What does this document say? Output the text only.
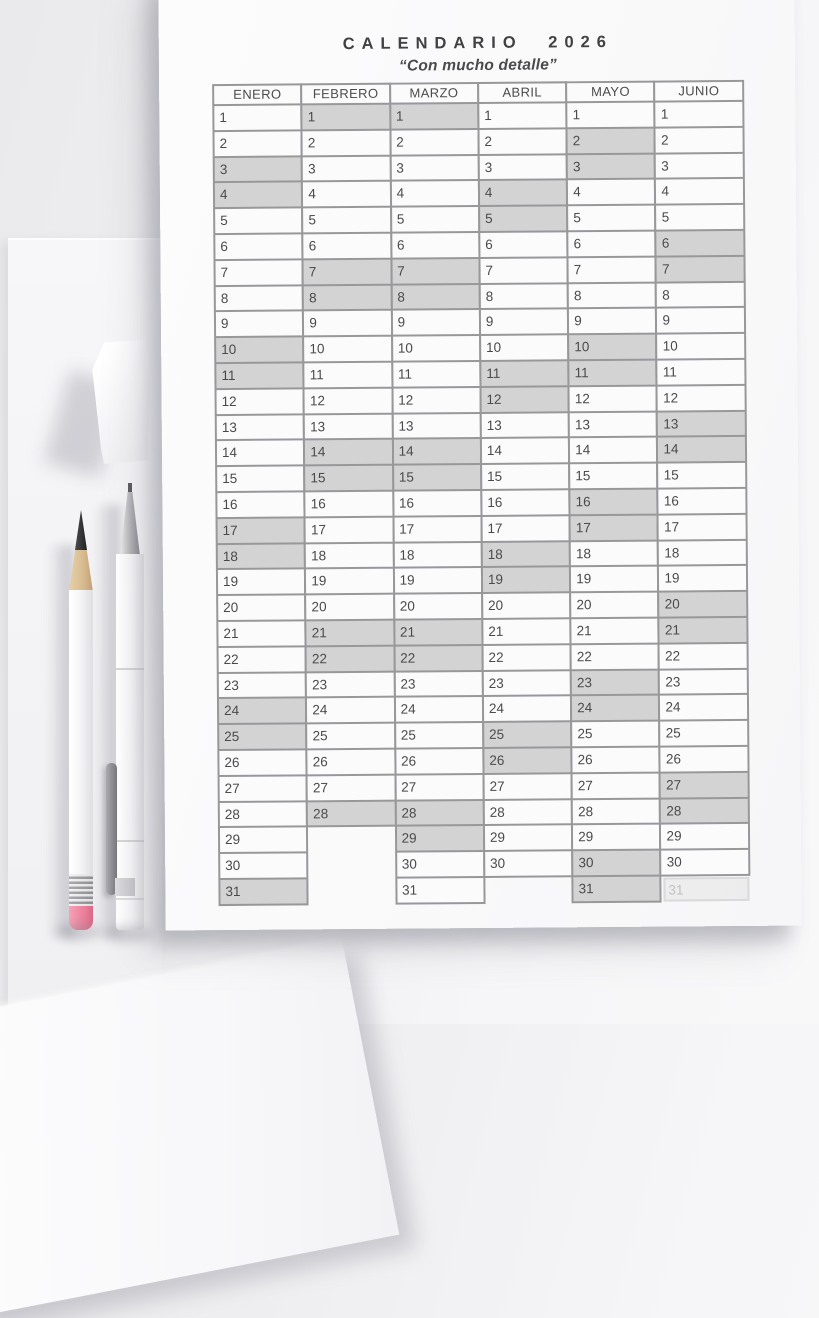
CALENDARIO 2026
“Con mucho detalle”
ENERO
1
2
3
4
5
6
7
8
9
10
11
12
13
14
15
16
17
18
19
20
21
22
23
24
25
26
27
28
29
30
31
FEBRERO
1
2
3
4
5
6
7
8
9
10
11
12
13
14
15
16
17
18
19
20
21
22
23
24
25
26
27
28
MARZO
1
2
3
4
5
6
7
8
9
10
11
12
13
14
15
16
17
18
19
20
21
22
23
24
25
26
27
28
29
30
31
ABRIL
1
2
3
4
5
6
7
8
9
10
11
12
13
14
15
16
17
18
19
20
21
22
23
24
25
26
27
28
29
30
MAYO
1
2
3
4
5
6
7
8
9
10
11
12
13
14
15
16
17
18
19
20
21
22
23
24
25
26
27
28
29
30
31
JUNIO
1
2
3
4
5
6
7
8
9
10
11
12
13
14
15
16
17
18
19
20
21
22
23
24
25
26
27
28
29
30
31
